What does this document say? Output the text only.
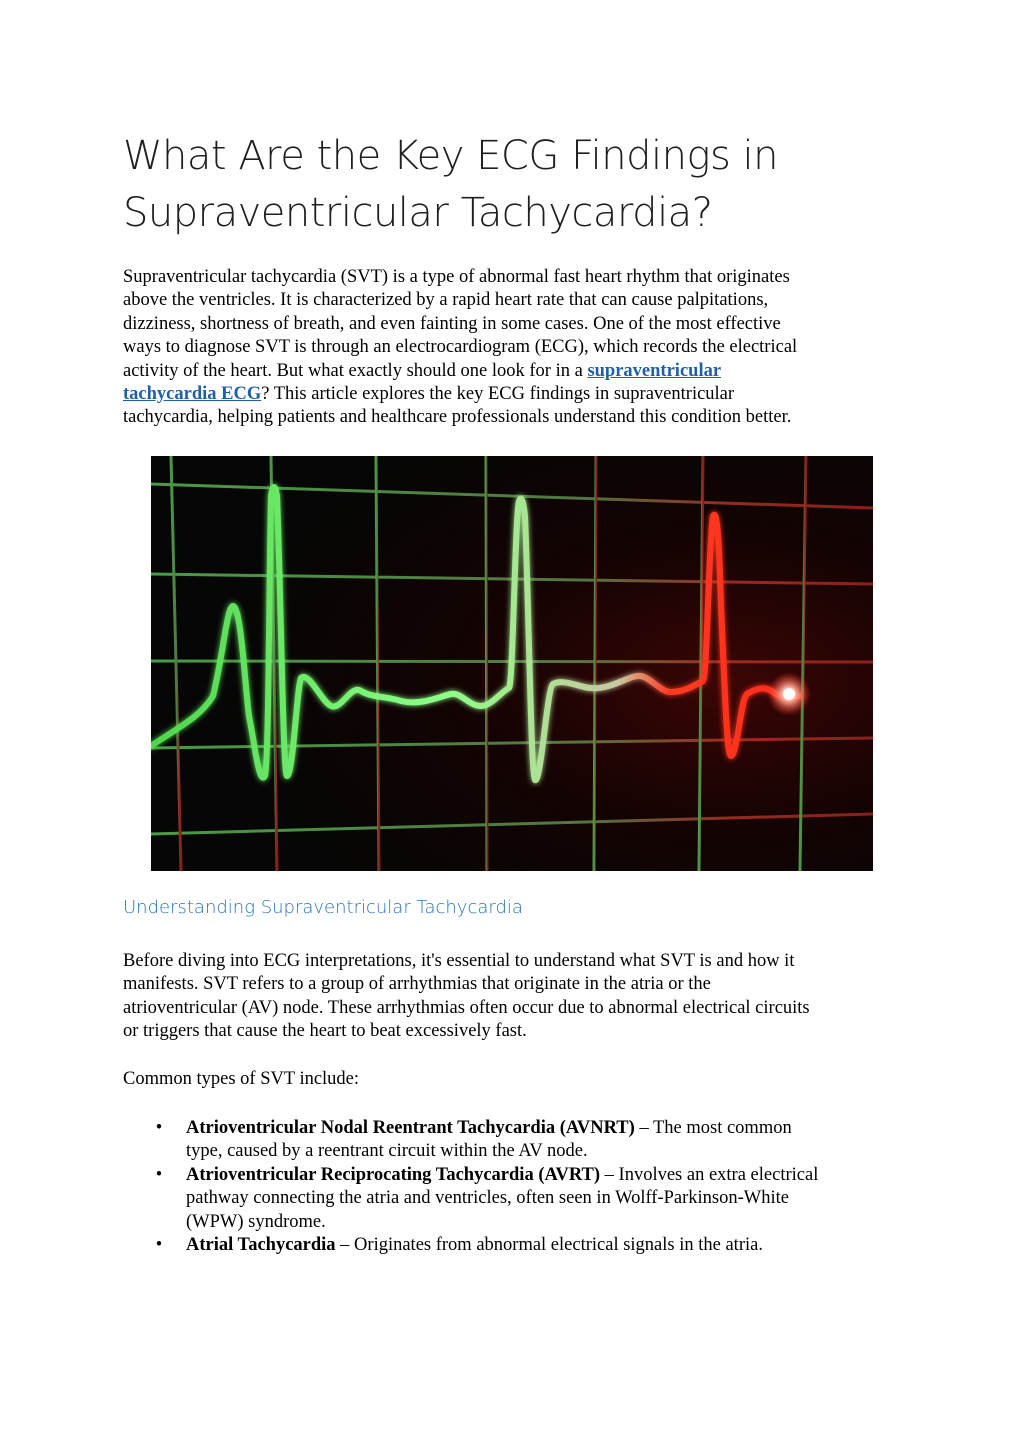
What Are the Key ECG Findings in
Supraventricular Tachycardia?

Supraventricular tachycardia (SVT) is a type of abnormal fast heart rhythm that originates
above the ventricles. It is characterized by a rapid heart rate that can cause palpitations,
dizziness, shortness of breath, and even fainting in some cases. One of the most effective
ways to diagnose SVT is through an electrocardiogram (ECG), which records the electrical
activity of the heart. But what exactly should one look for in a supraventricular
tachycardia ECG? This article explores the key ECG findings in supraventricular
tachycardia, helping patients and healthcare professionals understand this condition better.

Understanding Supraventricular Tachycardia

Before diving into ECG interpretations, it's essential to understand what SVT is and how it
manifests. SVT refers to a group of arrhythmias that originate in the atria or the
atrioventricular (AV) node. These arrhythmias often occur due to abnormal electrical circuits
or triggers that cause the heart to beat excessively fast.

Common types of SVT include:

• Atrioventricular Nodal Reentrant Tachycardia (AVNRT) – The most common
type, caused by a reentrant circuit within the AV node.
• Atrioventricular Reciprocating Tachycardia (AVRT) – Involves an extra electrical
pathway connecting the atria and ventricles, often seen in Wolff-Parkinson-White
(WPW) syndrome.
• Atrial Tachycardia – Originates from abnormal electrical signals in the atria.
